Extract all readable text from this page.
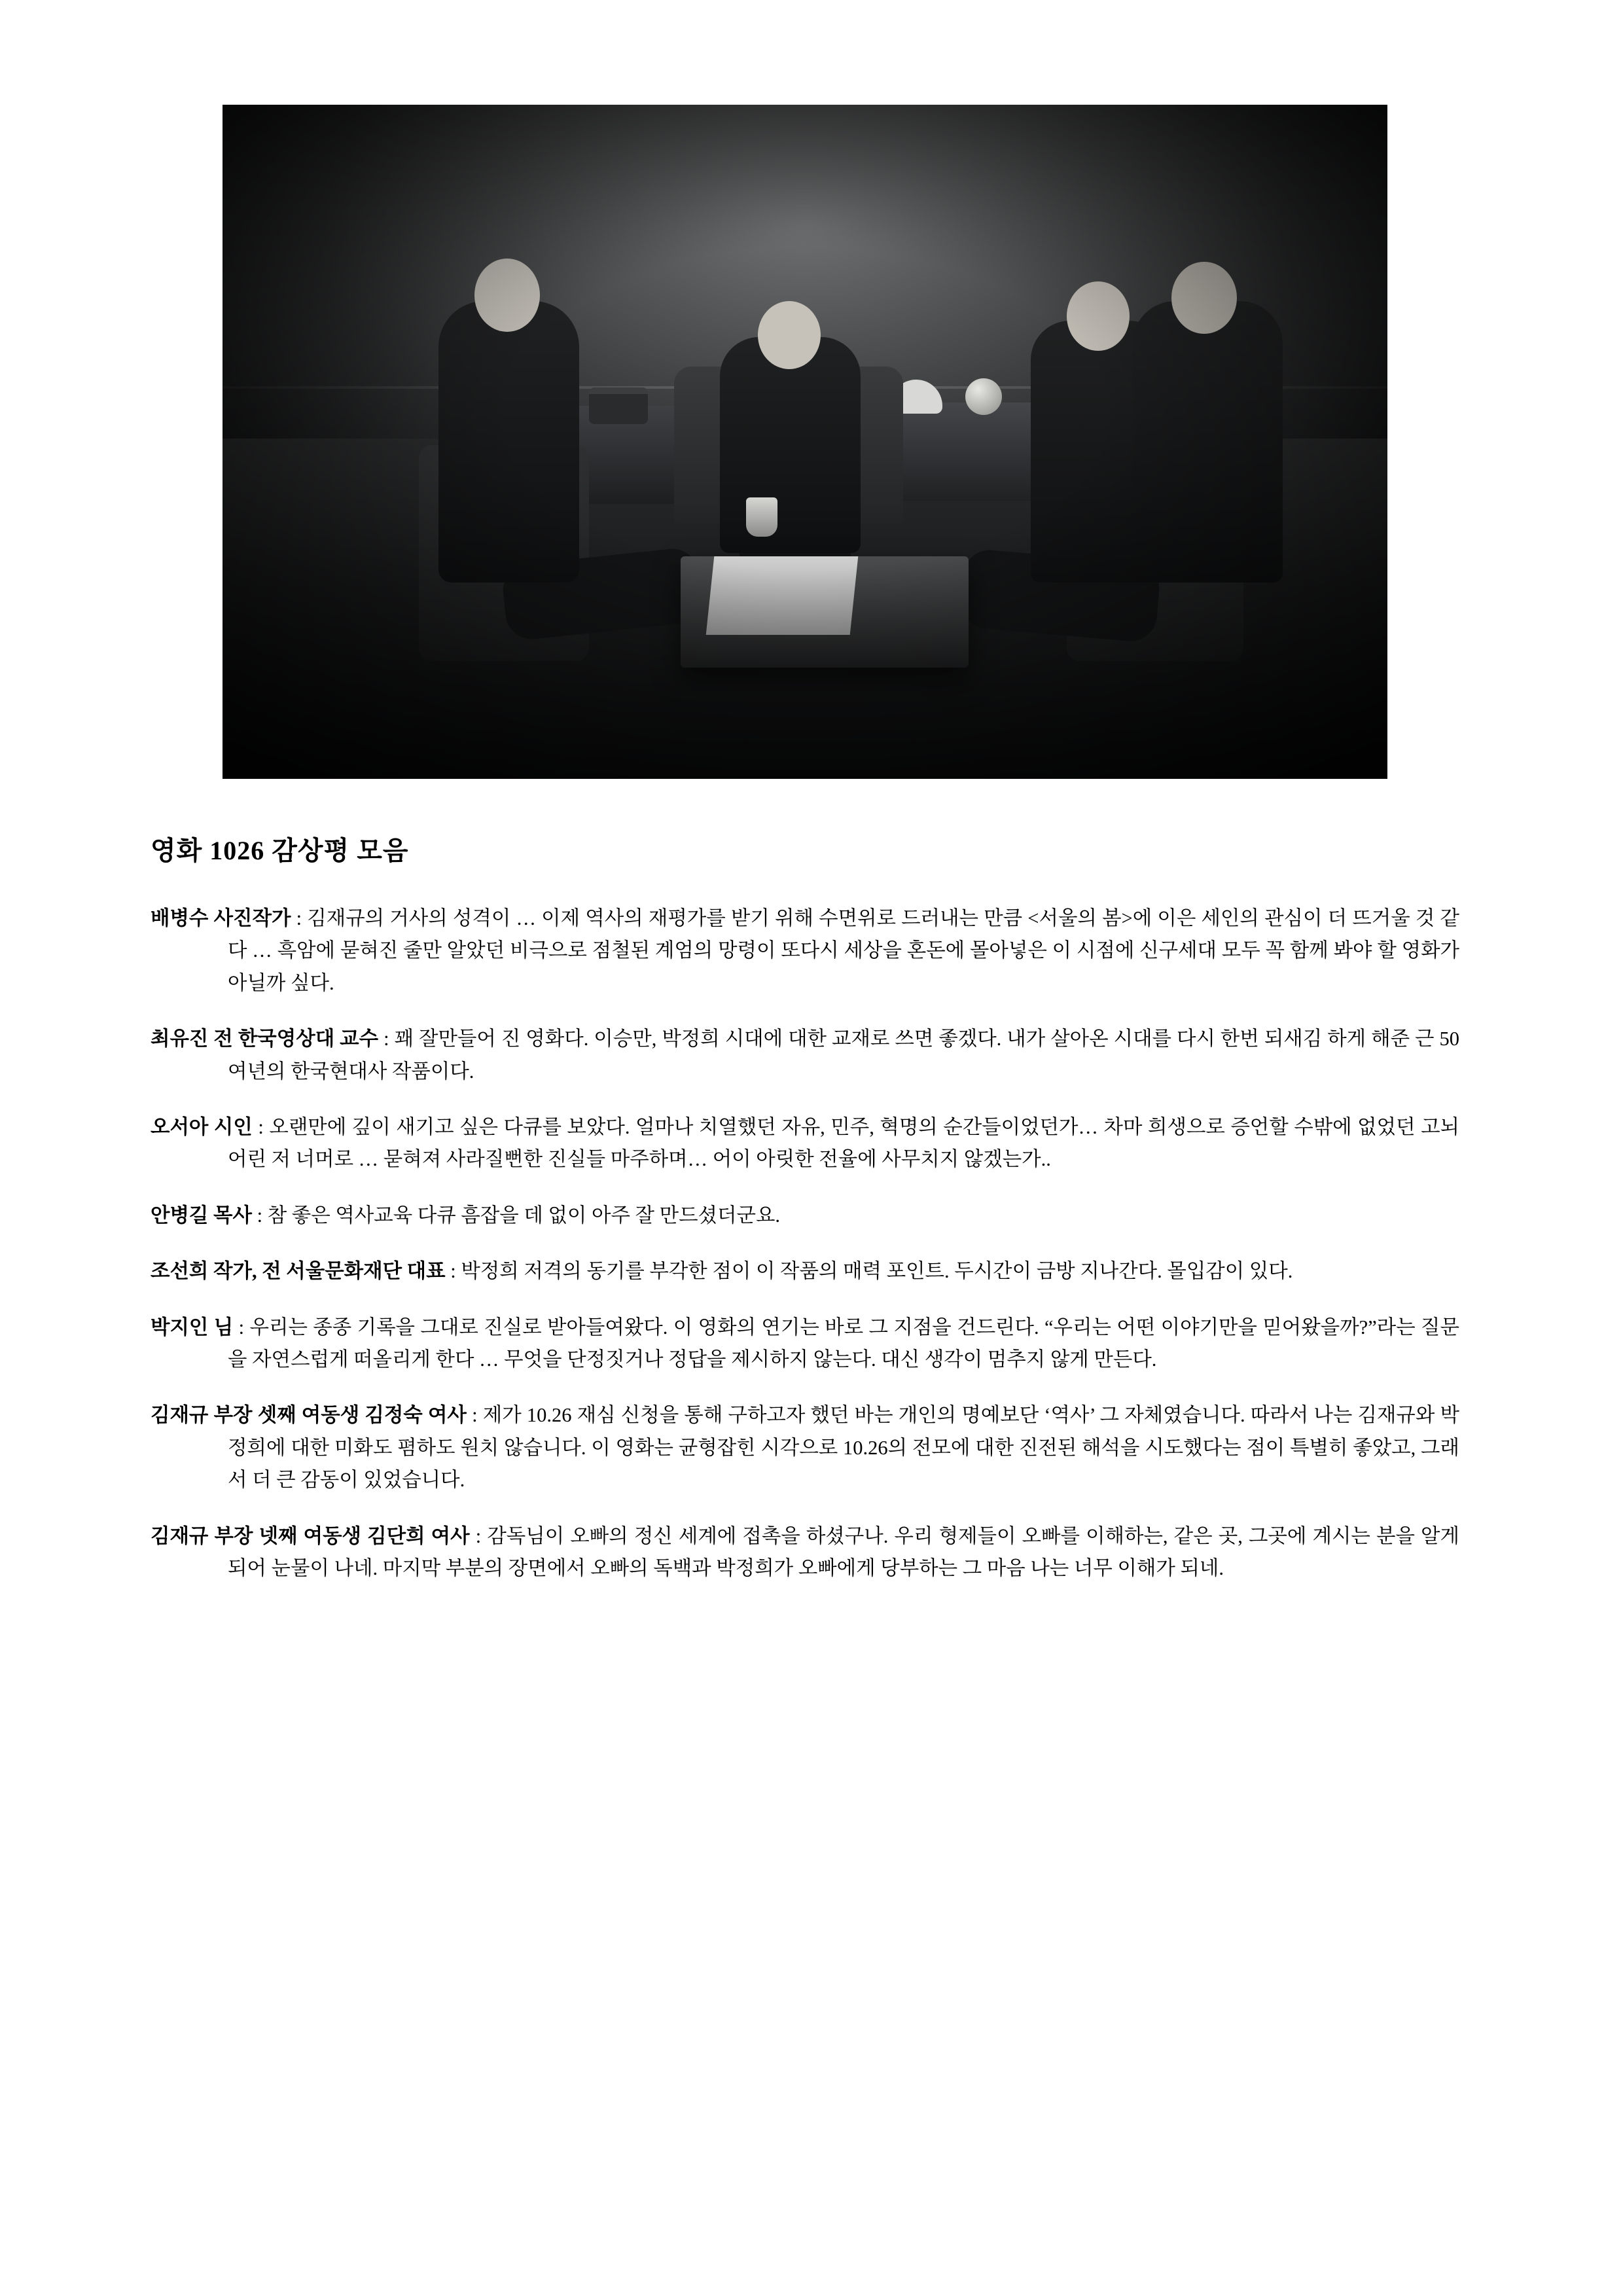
영화 1026 감상평 모음

배병수 사진작가 : 김재규의 거사의 성격이 … 이제 역사의 재평가를 받기 위해 수면위로 드러내는 만큼 <서울의 봄>에 이은 세인의 관심이 더 뜨거울 것 같다 … 흑암에 묻혀진 줄만 알았던 비극으로 점철된 계엄의 망령이 또다시 세상을 혼돈에 몰아넣은 이 시점에 신구세대 모두 꼭 함께 봐야 할 영화가 아닐까 싶다.

최유진 전 한국영상대 교수 : 꽤 잘만들어 진 영화다. 이승만, 박정희 시대에 대한 교재로 쓰면 좋겠다. 내가 살아온 시대를 다시 한번 되새김 하게 해준 근 50여년의 한국현대사 작품이다.

오서아 시인 : 오랜만에 깊이 새기고 싶은 다큐를 보았다. 얼마나 치열했던 자유, 민주, 혁명의 순간들이었던가… 차마 희생으로 증언할 수밖에 없었던 고뇌어린 저 너머로 … 묻혀져 사라질뻔한 진실들 마주하며… 어이 아릿한 전율에 사무치지 않겠는가..

안병길 목사 : 참 좋은 역사교육 다큐 흠잡을 데 없이 아주 잘 만드셨더군요.

조선희 작가, 전 서울문화재단 대표 : 박정희 저격의 동기를 부각한 점이 이 작품의 매력 포인트. 두시간이 금방 지나간다. 몰입감이 있다.

박지인 님 : 우리는 종종 기록을 그대로 진실로 받아들여왔다. 이 영화의 연기는 바로 그 지점을 건드린다. “우리는 어떤 이야기만을 믿어왔을까?”라는 질문을 자연스럽게 떠올리게 한다 … 무엇을 단정짓거나 정답을 제시하지 않는다. 대신 생각이 멈추지 않게 만든다.

김재규 부장 셋째 여동생 김정숙 여사 : 제가 10.26 재심 신청을 통해 구하고자 했던 바는 개인의 명예보단 ‘역사’ 그 자체였습니다. 따라서 나는 김재규와 박정희에 대한 미화도 폄하도 원치 않습니다. 이 영화는 균형잡힌 시각으로 10.26의 전모에 대한 진전된 해석을 시도했다는 점이 특별히 좋았고, 그래서 더 큰 감동이 있었습니다.

김재규 부장 넷째 여동생 김단희 여사 : 감독님이 오빠의 정신 세계에 접촉을 하셨구나. 우리 형제들이 오빠를 이해하는, 같은 곳, 그곳에 계시는 분을 알게 되어 눈물이 나네. 마지막 부분의 장면에서 오빠의 독백과 박정희가 오빠에게 당부하는 그 마음 나는 너무 이해가 되네.
